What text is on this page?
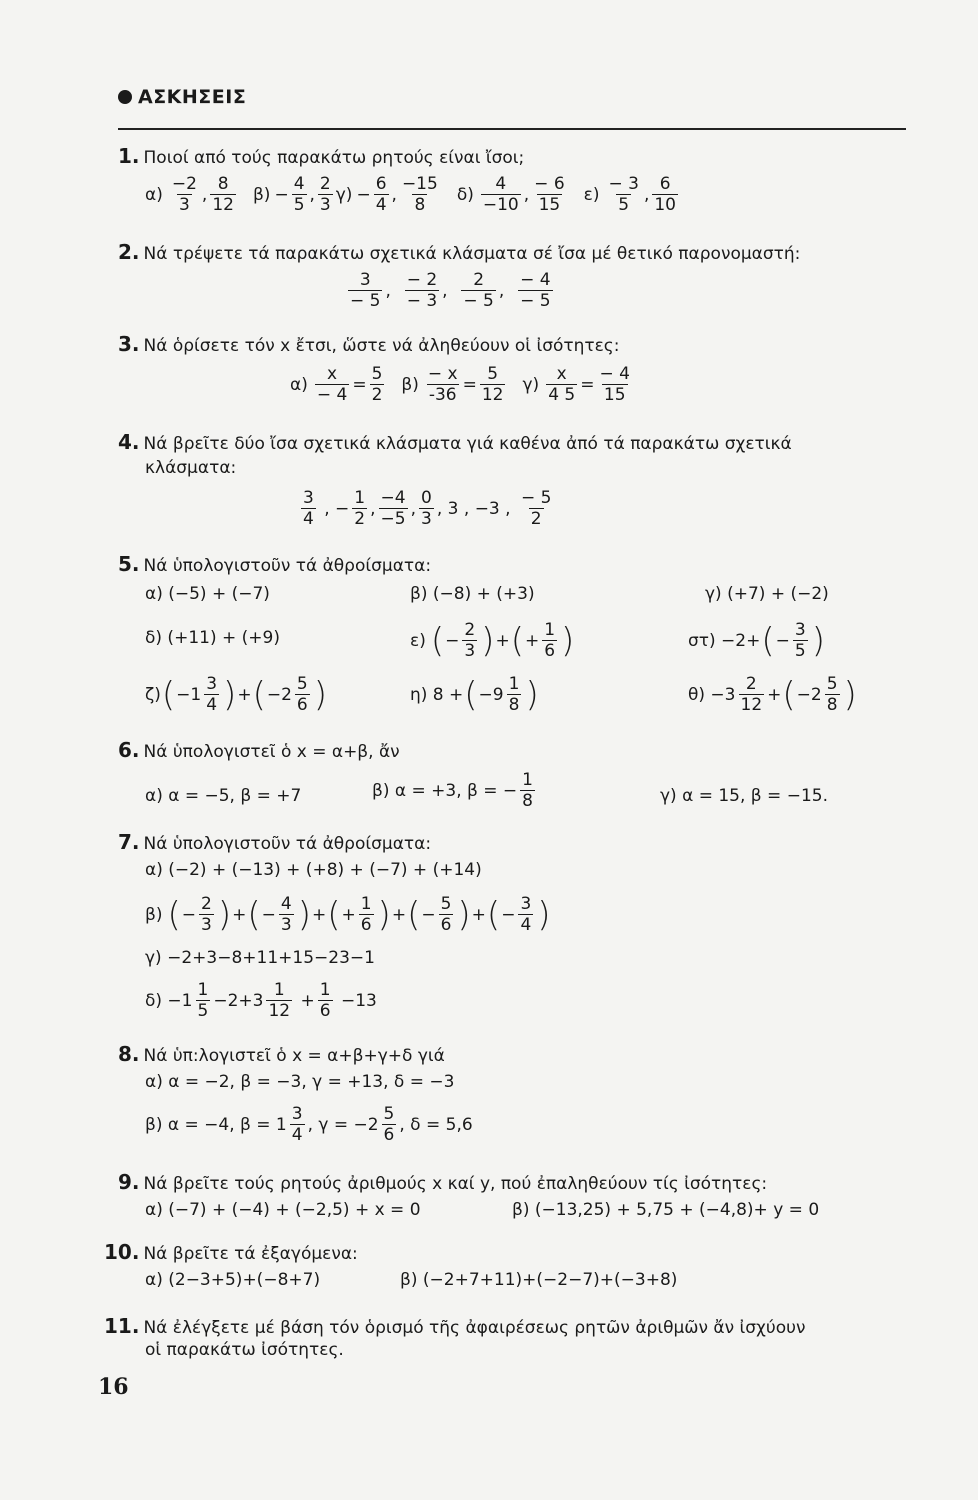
ΑΣΚΗΣΕΙΣ
1. Ποιοί από τούς παρακάτω ρητούς είναι ἴσοι;
$\alpha) \frac{-2}{3}$ , $\frac{8}{12} \beta) - \frac{4}{5}$ , $\frac{2}{3} \gamma) - \frac{6}{4}$ , $\frac{-15}{8} \delta) \frac{4}{-10}$ , $\frac{- 6}{15} \varepsilon) \frac{- 3}{5}$ , $\frac{6}{10}$
2. Νά τρέψετε τά παρακάτω σχετικά κλάσματα σέ ἴσα μέ θετικό παρονομαστή:
$\frac{3}{- 5}$ , $\frac{- 2}{- 3}$ , $\frac{2}{- 5}$ , $\frac{- 4}{- 5}$
3. Νά ὁρίσετε τόν x ἔτσι, ὥστε νά ἀληθεύουν οἱ ἰσότητες:
$\alpha) \frac{x}{- 4} = \frac{5}{2} \beta) \frac{- x}{-36} = \frac{5}{12} \gamma) \frac{x}{4 5} = \frac{- 4}{15}$
4. Νά βρεῖτε δύο ἴσα σχετικά κλάσματα γιά καθένα ἀπό τά παρακάτω σχετικά
κλάσματα:
$\frac{3}{4}$ , − $\frac{1}{2}$ , $\frac{-4}{-5}$ , $\frac{0}{3}$ , 3 , −3 , $\frac{- 5}{2}$
5. Νά ὑπολογιστοῦν τά ἀθροίσματα:
α) (−5) + (−7)	β) (−8) + (+3)	γ) (+7) + (−2)
δ) (+11) + (+9)	ε) ( − $\frac{2}{3}$ ) + ( + $\frac{1}{6}$ )	στ) −2+ ( − $\frac{3}{5}$ )
ζ) ( $-1 \frac{3}{4}$ ) + ( $-2 \frac{5}{6}$ )	η) 8 + ( $-9 \frac{1}{8}$ )	$\theta) -3 \frac{2}{12}$ + ( $-2 \frac{5}{8}$ )
6. Νά ὑπολογιστεῖ ὁ x = α+β, ἄν
α) α = −5, β = +7	β) α = +3, β = − $\frac{1}{8}$	γ) α = 15, β = −15.
7. Νά ὑπολογιστοῦν τά ἀθροίσματα:
α) (−2) + (−13) + (+8) + (−7) + (+14)
β) ( − $\frac{2}{3}$ ) + ( − $\frac{4}{3}$ ) + ( + $\frac{1}{6}$ ) + ( − $\frac{5}{6}$ ) + ( − $\frac{3}{4}$ )
γ) −2+3−8+11+15−23−1
$\delta) -1 \frac{1}{5} -2+3 \frac{1}{12}$
+ $\frac{1}{6}$
−13
8. Νά ὑπ:λογιστεῖ ὁ x = α+β+γ+δ γιά
α) α = −2, β = −3, γ = +13, δ = −3
β) α = −4, $\beta = 1 \frac{3}{4}$ , $\gamma = -2 \frac{5}{6}$ , δ = 5,6
9. Νά βρεῖτε τούς ρητούς ἀριθμούς x καί y, πού ἐπαληθεύουν τίς ἰσότητες:
α) (−7) + (−4) + (−2,5) + x = 0	β) (−13,25) + 5,75 + (−4,8)+ y = 0
10. Νά βρεῖτε τά ἐξαγόμενα:
α) (2−3+5)+(−8+7)	β) (−2+7+11)+(−2−7)+(−3+8)
11. Νά ἐλέγξετε μέ βάση τόν ὁρισμό τῆς ἀφαιρέσεως ρητῶν ἀριθμῶν ἄν ἰσχύουν
οἱ παρακάτω ἰσότητες.
16
